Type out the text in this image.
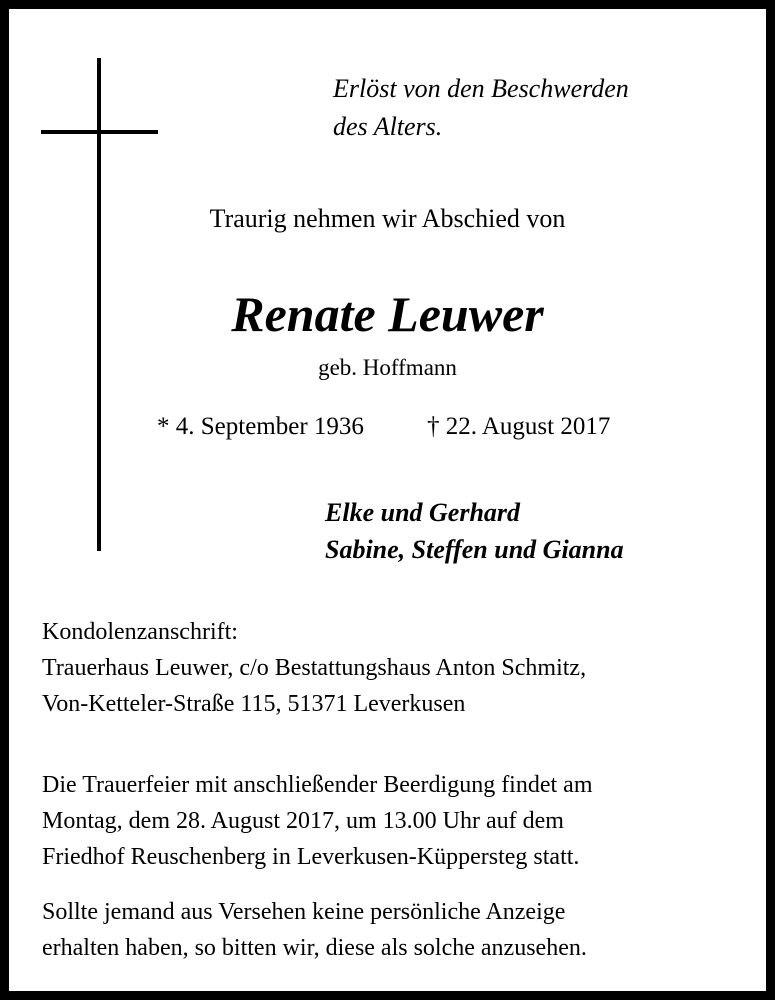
Erlöst von den Beschwerden
des Alters.

Traurig nehmen wir Abschied von

Renate Leuwer

geb. Hoffmann

* 4. September 1936	† 22. August 2017

Elke und Gerhard
Sabine, Steffen und Gianna
Kondolenzanschrift:
Trauerhaus Leuwer, c/o Bestattungshaus Anton Schmitz,
Von-Ketteler-Straße 115, 51371 Leverkusen
Die Trauerfeier mit anschließender Beerdigung findet am
Montag, dem 28. August 2017, um 13.00 Uhr auf dem
Friedhof Reuschenberg in Leverkusen-Küppersteg statt.
Sollte jemand aus Versehen keine persönliche Anzeige
erhalten haben, so bitten wir, diese als solche anzusehen.
